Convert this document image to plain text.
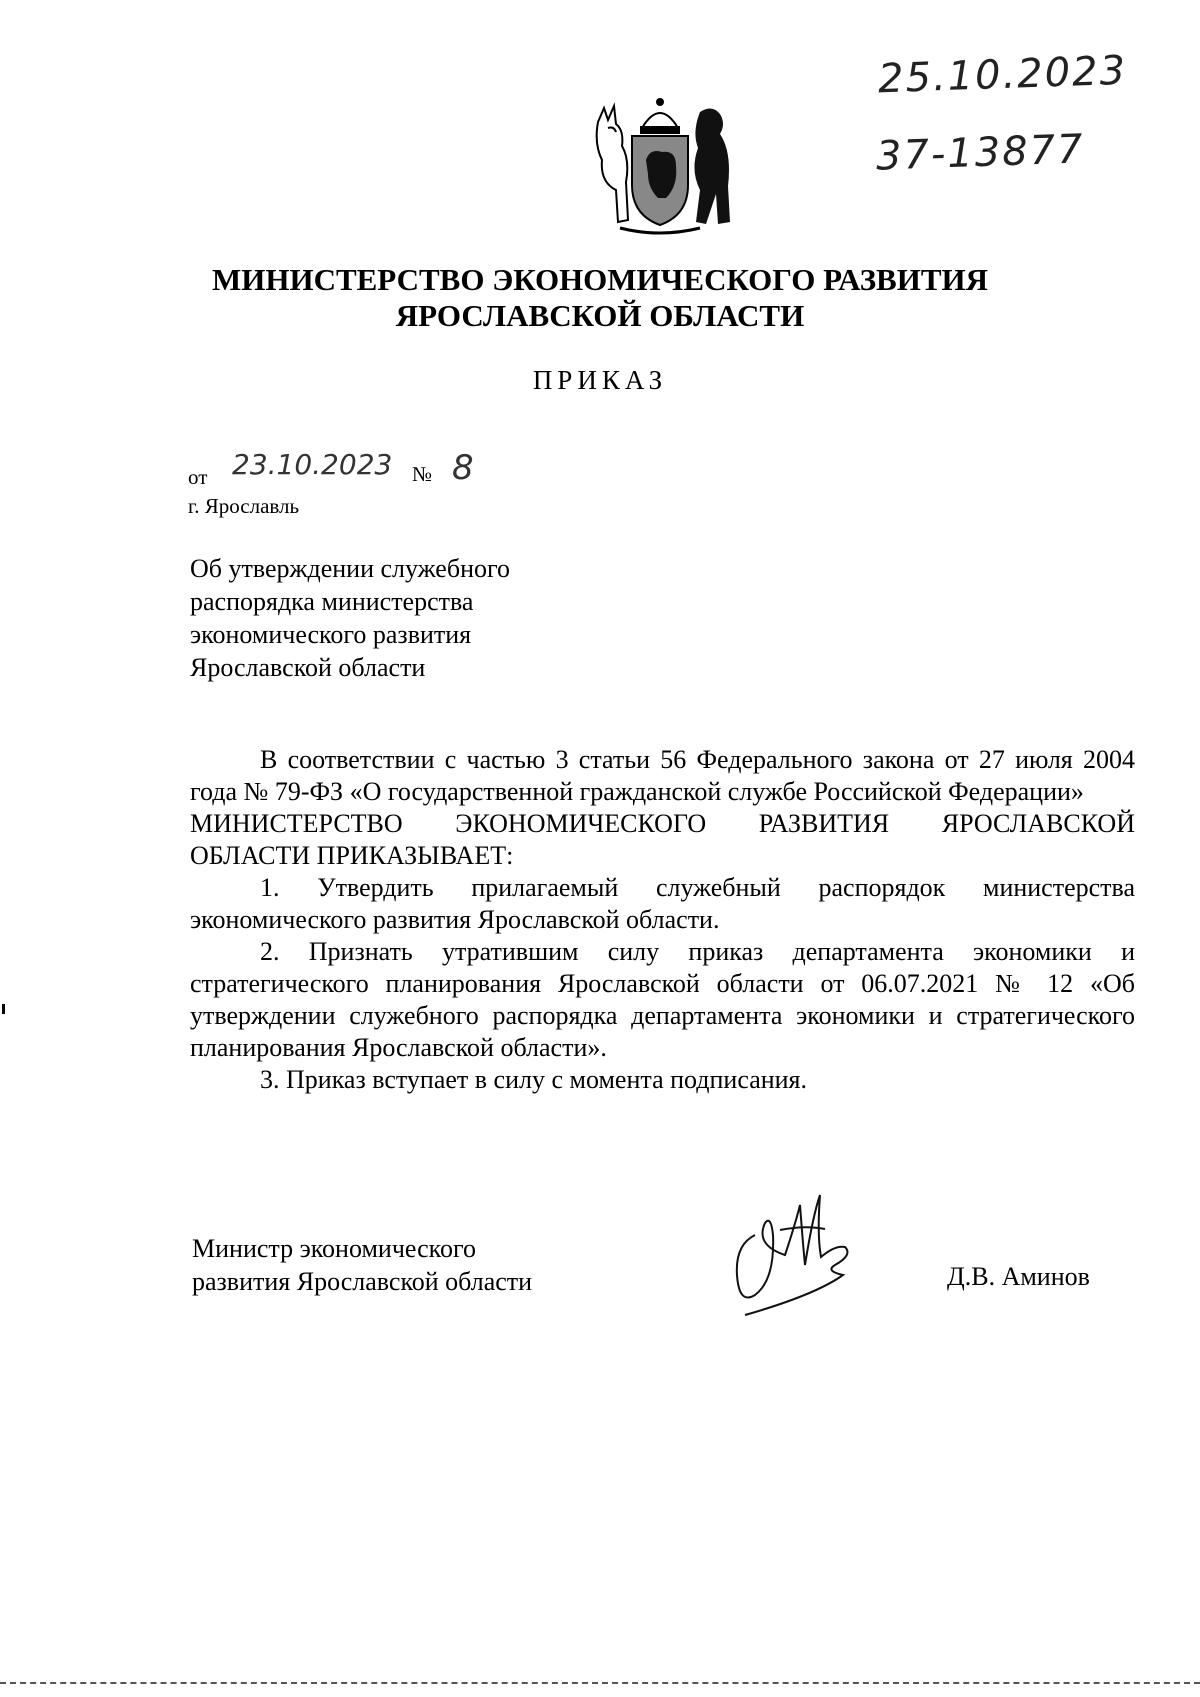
25.10.2023
37-13877
МИНИСТЕРСТВО ЭКОНОМИЧЕСКОГО РАЗВИТИЯ
ЯРОСЛАВСКОЙ ОБЛАСТИ
ПРИКАЗ
от 23.10.2023 № 8
г. Ярославль
Об утверждении служебного
распорядка министерства
экономического развития
Ярославской области

В соответствии с частью 3 статьи 56 Федерального закона от 27 июля 2004 года № 79-ФЗ «О государственной гражданской службе Российской Федерации»

МИНИСТЕРСТВО ЭКОНОМИЧЕСКОГО РАЗВИТИЯ ЯРОСЛАВСКОЙ

ОБЛАСТИ ПРИКАЗЫВАЕТ:

1. Утвердить прилагаемый служебный распорядок министерства экономического развития Ярославской области.

2. Признать утратившим силу приказ департамента экономики и стратегического планирования Ярославской области от 06.07.2021 № 12 «Об утверждении служебного распорядка департамента экономики и стратегического планирования Ярославской области».

3. Приказ вступает в силу с момента подписания.

Министр экономического
развития Ярославской области	Д.В. Аминов
